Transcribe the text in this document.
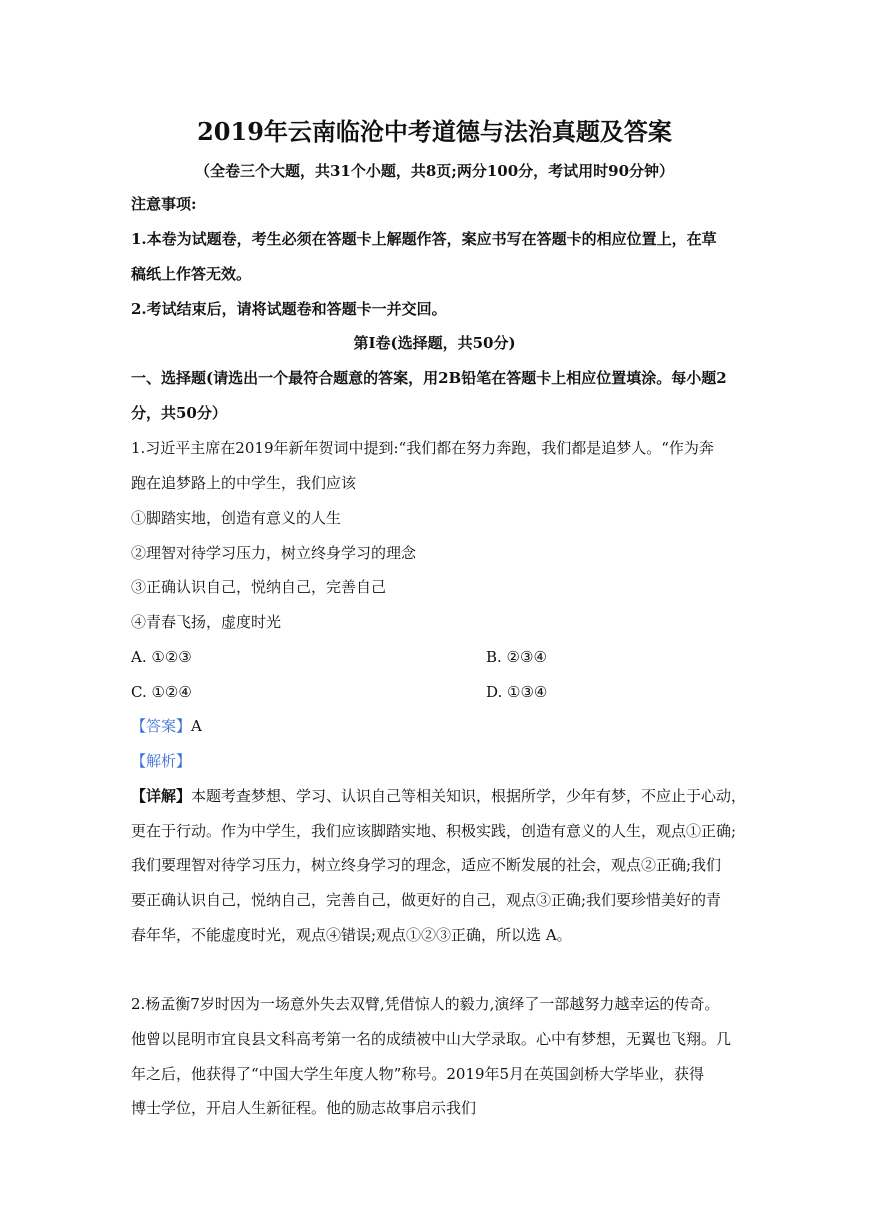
2019年云南临沧中考道德与法治真题及答案
（全卷三个大题，共31个小题，共8页;两分100分，考试用时90分钟）
注意事项:
1.本卷为试题卷，考生必须在答题卡上解题作答，案应书写在答题卡的相应位置上，在草
稿纸上作答无效。
2.考试结束后，请将试题卷和答题卡一并交回。
第Ⅰ卷(选择题，共50分)
一、选择题(请选出一个最符合题意的答案，用2B铅笔在答题卡上相应位置填涂。每小题2
分，共50分）
1.习近平主席在2019年新年贺词中提到:“我们都在努力奔跑，我们都是追梦人。“作为奔
跑在追梦路上的中学生，我们应该
①脚踏实地，创造有意义的人生
②理智对待学习压力，树立终身学习的理念
③正确认识自己，悦纳自己，完善自己
④青春飞扬，虚度时光
A. ①②③	B. ②③④
C. ①②④	D. ①③④
【答案】A
【解析】
【详解】本题考查梦想、学习、认识自己等相关知识，根据所学，少年有梦，不应止于心动，
更在于行动。作为中学生，我们应该脚踏实地、积极实践，创造有意义的人生，观点①正确;
我们要理智对待学习压力，树立终身学习的理念，适应不断发展的社会，观点②正确;我们
要正确认识自己，悦纳自己，完善自己，做更好的自己，观点③正确;我们要珍惜美好的青
春年华，不能虚度时光，观点④错误;观点①②③正确，所以选 A。
2.杨孟衡7岁时因为一场意外失去双臂,凭借惊人的毅力,演绎了一部越努力越幸运的传奇。
他曾以昆明市宜良县文科高考第一名的成绩被中山大学录取。心中有梦想，无翼也飞翔。几
年之后，他获得了“中国大学生年度人物”称号。2019年5月在英国剑桥大学毕业，获得
博士学位，开启人生新征程。他的励志故事启示我们
